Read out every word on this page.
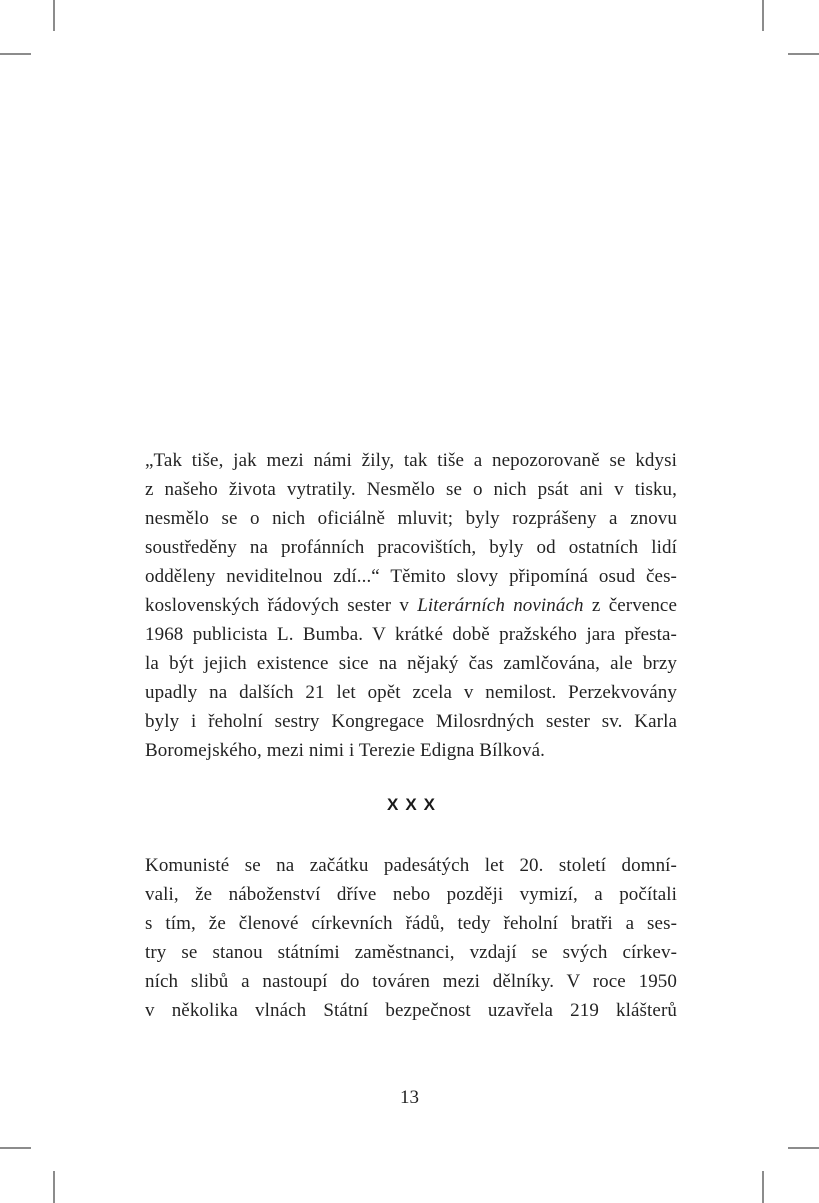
„Tak tiše, jak mezi námi žily, tak tiše a nepozorovaně se kdysi
z našeho života vytratily. Nesmělo se o nich psát ani v tisku,
nesmělo se o nich oficiálně mluvit; byly rozprášeny a znovu
soustředěny na profánních pracovištích, byly od ostatních lidí
odděleny neviditelnou zdí...“ Těmito slovy připomíná osud čes-
koslovenských řádových sester v Literárních novinách z července
1968 publicista L. Bumba. V krátké době pražského jara přesta-
la být jejich existence sice na nějaký čas zamlčována, ale brzy
upadly na dalších 21 let opět zcela v nemilost. Perzekvovány
byly i řeholní sestry Kongregace Milosrdných sester sv. Karla
Boromejského, mezi nimi i Terezie Edigna Bílková.
XXX
Komunisté se na začátku padesátých let 20. století domní-
vali, že náboženství dříve nebo později vymizí, a počítali
s tím, že členové církevních řádů, tedy řeholní bratři a ses-
try se stanou státními zaměstnanci, vzdají se svých církev-
ních slibů a nastoupí do továren mezi dělníky. V roce 1950
v několika vlnách Státní bezpečnost uzavřela 219 klášterů
13
